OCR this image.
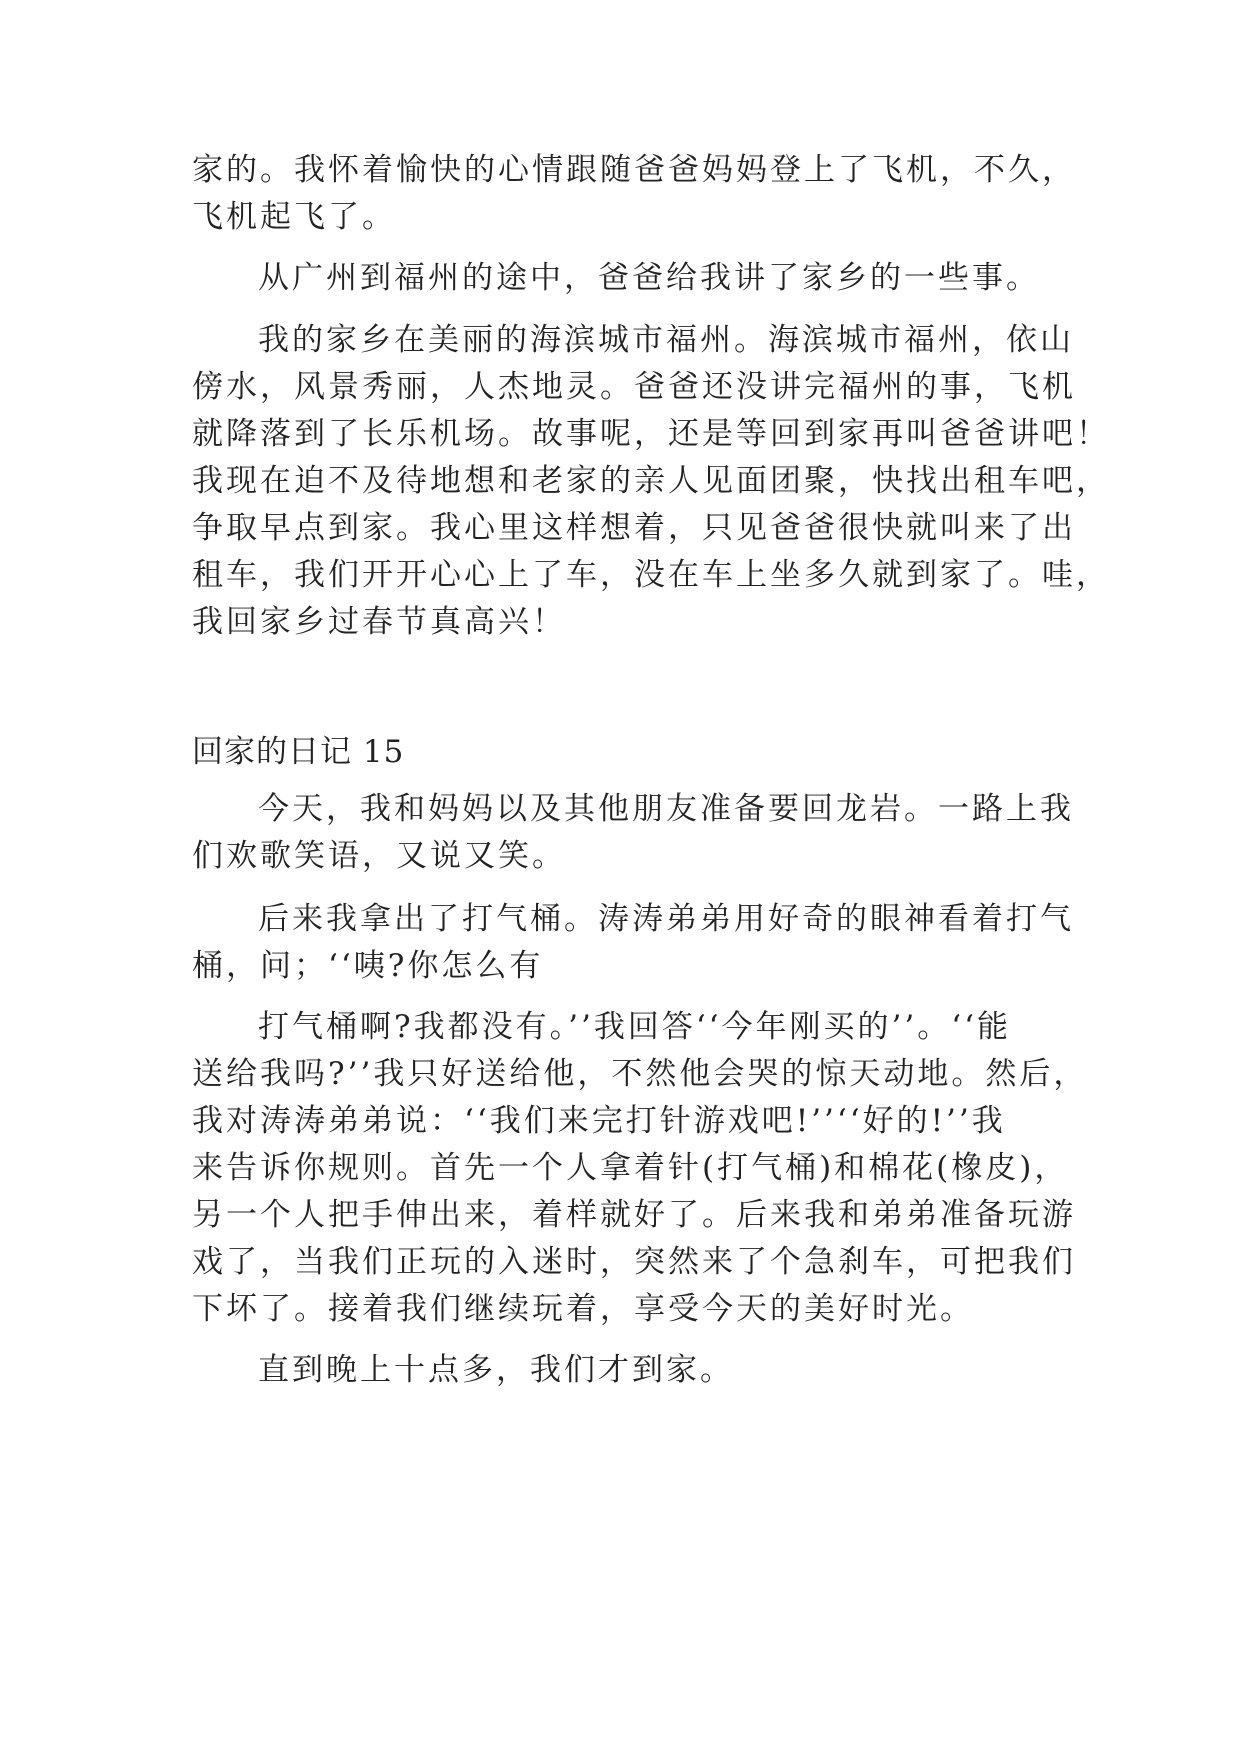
家的。我怀着愉快的心情跟随爸爸妈妈登上了飞机，不久，
飞机起飞了。
从广州到福州的途中，爸爸给我讲了家乡的一些事。
我的家乡在美丽的海滨城市福州。海滨城市福州，依山
傍水，风景秀丽，人杰地灵。爸爸还没讲完福州的事，飞机
就降落到了长乐机场。故事呢，还是等回到家再叫爸爸讲吧！
我现在迫不及待地想和老家的亲人见面团聚，快找出租车吧，
争取早点到家。我心里这样想着，只见爸爸很快就叫来了出
租车，我们开开心心上了车，没在车上坐多久就到家了。哇，
我回家乡过春节真高兴！
回家的日记 15
今天，我和妈妈以及其他朋友准备要回龙岩。一路上我
们欢歌笑语，又说又笑。
后来我拿出了打气桶。涛涛弟弟用好奇的眼神看着打气
桶，问；‘‘咦?你怎么有
打气桶啊?我都没有。’’我回答‘‘今年刚买的’’。‘‘能
送给我吗?’’我只好送给他，不然他会哭的惊天动地。然后，
我对涛涛弟弟说：‘‘我们来完打针游戏吧!’’‘‘好的!’’我
来告诉你规则。首先一个人拿着针(打气桶)和棉花(橡皮)，
另一个人把手伸出来，着样就好了。后来我和弟弟准备玩游
戏了，当我们正玩的入迷时，突然来了个急刹车，可把我们
下坏了。接着我们继续玩着，享受今天的美好时光。
直到晚上十点多，我们才到家。
